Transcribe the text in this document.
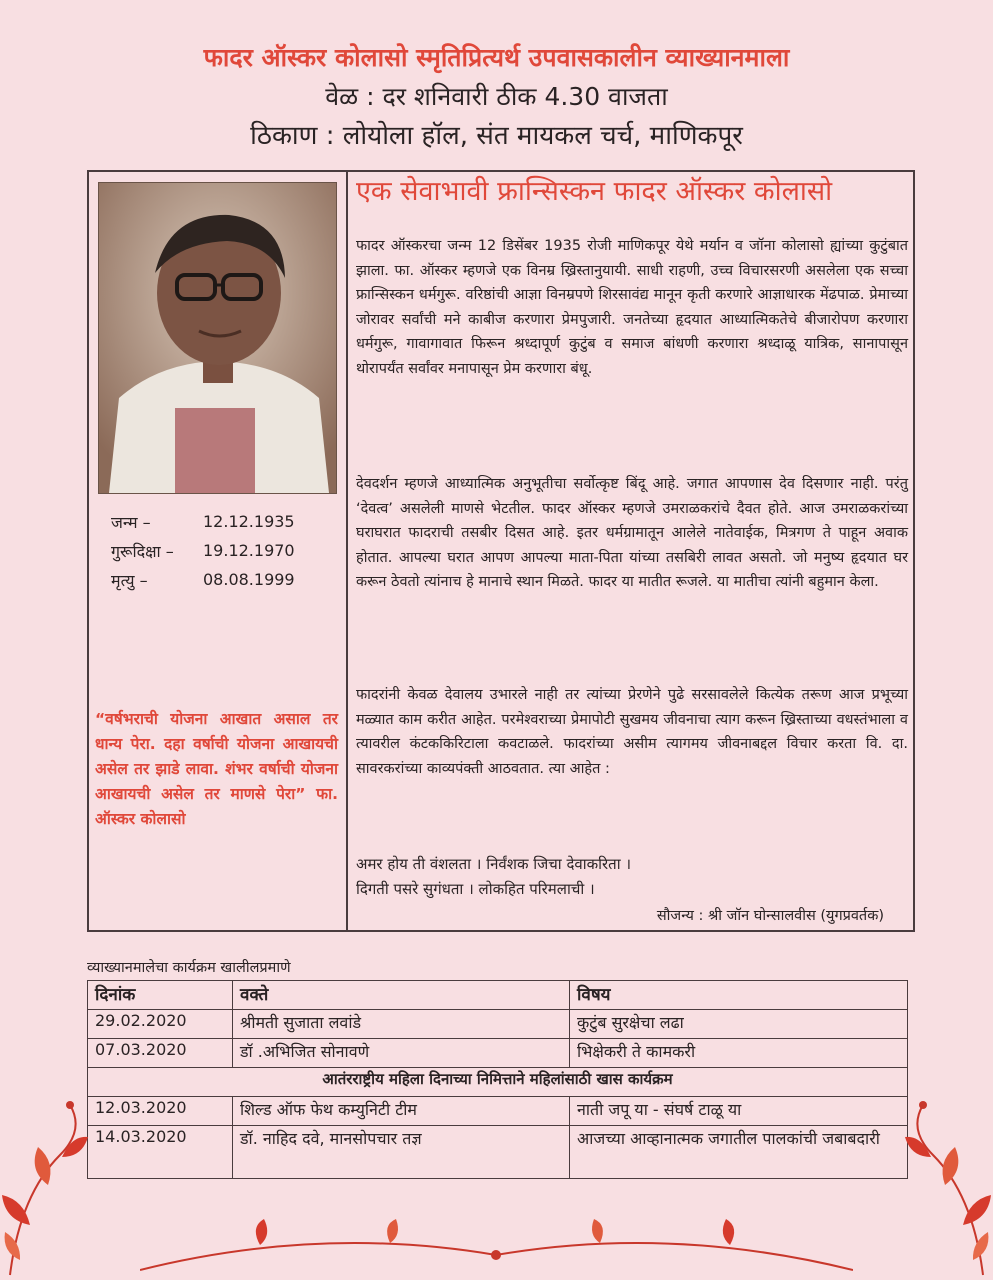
फादर ऑस्कर कोलासो स्मृतिप्रित्यर्थ उपवासकालीन व्याख्यानमाला
वेळ : दर शनिवारी ठीक 4.30 वाजता
ठिकाण : लोयोला हॉल, संत मायकल चर्च, माणिकपूर
जन्म –	12.12.1935
गुरूदिक्षा –	19.12.1970
मृत्यु –	08.08.1999
“वर्षभराची योजना आखात असाल तर धान्य पेरा. दहा वर्षाची योजना आखायची असेल तर झाडे लावा. शंभर वर्षाची योजना आखायची असेल तर माणसे पेरा” फा. ऑस्कर कोलासो
एक सेवाभावी फ्रान्सिस्कन फादर ऑस्कर कोलासो

फादर ऑस्करचा जन्म 12 डिसेंबर 1935 रोजी माणिकपूर येथे मर्यान व जॉना कोलासो ह्यांच्या कुटुंबात झाला. फा. ऑस्कर म्हणजे एक विनम्र ख्रिस्तानुयायी. साधी राहणी, उच्च विचारसरणी असलेला एक सच्चा फ्रान्सिस्कन धर्मगुरू. वरिष्ठांची आज्ञा विनम्रपणे शिरसावंद्य मानून कृती करणारे आज्ञाधारक मेंढपाळ. प्रेमाच्या जोरावर सर्वांची मने काबीज करणारा प्रेमपुजारी. जनतेच्या हृदयात आध्यात्मिकतेचे बीजारोपण करणारा धर्मगुरू, गावागावात फिरून श्रध्दापूर्ण कुटुंब व समाज बांधणी करणारा श्रध्दाळू यात्रिक, सानापासून थोरापर्यंत सर्वांवर मनापासून प्रेम करणारा बंधू.

देवदर्शन म्हणजे आध्यात्मिक अनुभूतीचा सर्वोत्कृष्ट बिंदू आहे. जगात आपणास देव दिसणार नाही. परंतु ‘देवत्व’ असलेली माणसे भेटतील. फादर ऑस्कर म्हणजे उमराळकरांचे दैवत होते. आज उमराळकरांच्या घराघरात फादराची तसबीर दिसत आहे. इतर धर्मग्रामातून आलेले नातेवाईक, मित्रगण ते पाहून अवाक होतात. आपल्या घरात आपण आपल्या माता-पिता यांच्या तसबिरी लावत असतो. जो मनुष्य हृदयात घर करून ठेवतो त्यांनाच हे मानाचे स्थान मिळते. फादर या मातीत रूजले. या मातीचा त्यांनी बहुमान केला.

फादरांनी केवळ देवालय उभारले नाही तर त्यांच्या प्रेरणेने पुढे सरसावलेले कित्येक तरूण आज प्रभूच्या मळ्यात काम करीत आहेत. परमेश्वराच्या प्रेमापोटी सुखमय जीवनाचा त्याग करून ख्रिस्ताच्या वधस्तंभाला व त्यावरील कंटककिरिटाला कवटाळले. फादरांच्या असीम त्यागमय जीवनाबद्दल विचार करता वि. दा. सावरकरांच्या काव्यपंक्ती आठवतात. त्या आहेत :

अमर होय ती वंशलता । निर्वंशक जिचा देवाकरिता ।
दिगती पसरे सुगंधता । लोकहित परिमलाची ।
सौजन्य : श्री जॉन घोन्सालवीस (युगप्रवर्तक)
व्याख्यानमालेचा कार्यक्रम खालीलप्रमाणे
दिनांक	वक्ते	विषय
29.02.2020	श्रीमती सुजाता लवांडे	कुटुंब सुरक्षेचा लढा
07.03.2020	डॉ .अभिजित सोनावणे	भिक्षेकरी ते कामकरी
आतंरराष्ट्रीय महिला दिनाच्या निमित्ताने महिलांसाठी खास कार्यक्रम		
12.03.2020	शिल्ड ऑफ फेथ कम्युनिटी टीम	नाती जपू या - संघर्ष टाळू या
14.03.2020	डॉ. नाहिद दवे, मानसोपचार तज्ञ	आजच्या आव्हानात्मक जगातील पालकांची जबाबदारी
